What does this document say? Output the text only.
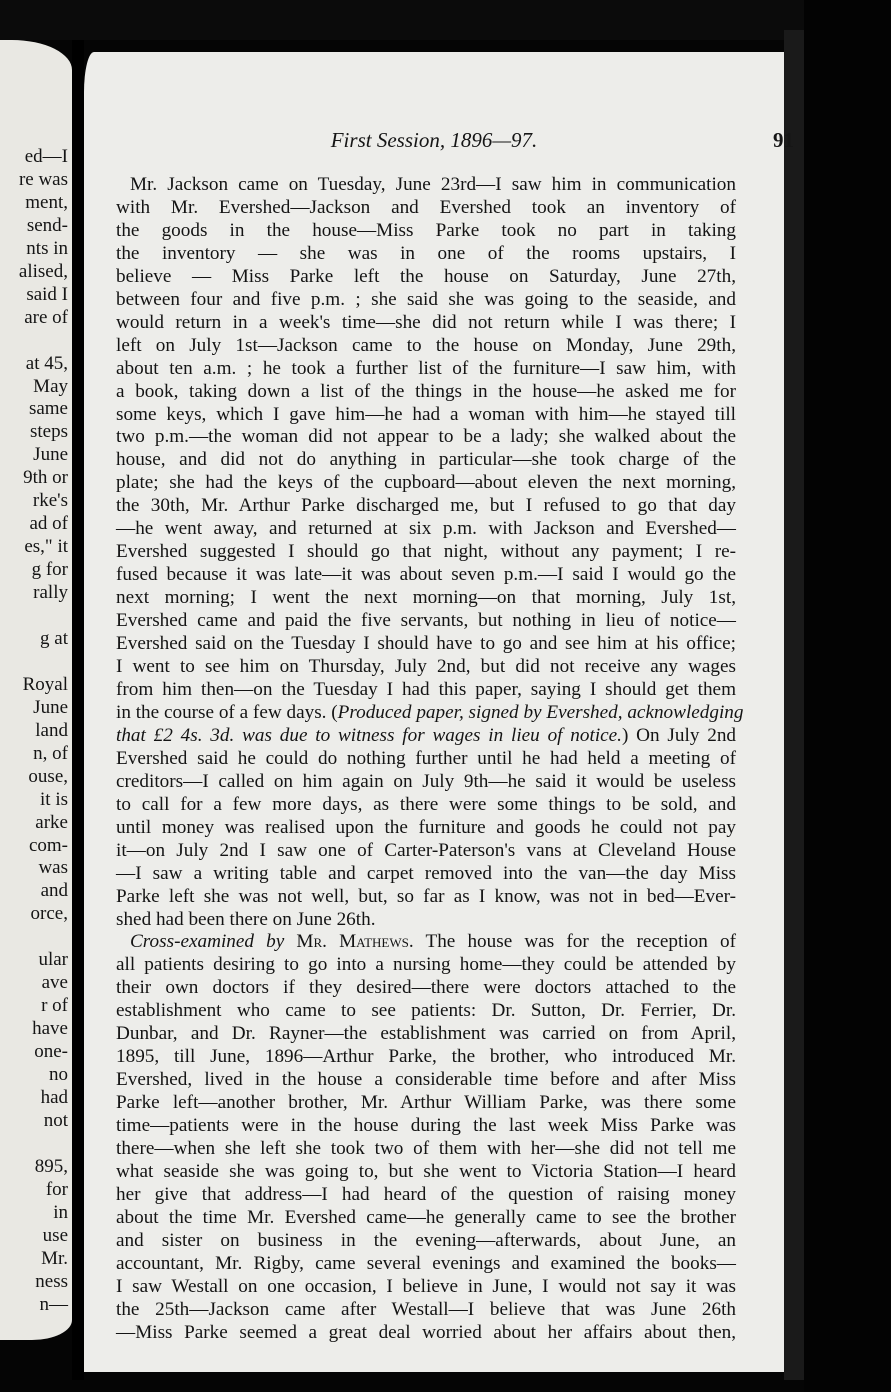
ed—I
re was
ment,
send-
nts in
alised,
said I
are of
at 45,
May
same
steps
June
9th or
rke's
ad of
es," it
g for
rally
g at
Royal
June
land
n, of
ouse,
it is
arke
com-
was
and
orce,
ular
ave
r of
have
one-
no
had
not
895,
for
in
use
Mr.
ness
n—
First Session, 1896—97.	91
Mr. Jackson came on Tuesday, June 23rd—I saw him in communication
with Mr. Evershed—Jackson and Evershed took an inventory of
the goods in the house—Miss Parke took no part in taking
the inventory — she was in one of the rooms upstairs, I
believe — Miss Parke left the house on Saturday, June 27th,
between four and five p.m. ; she said she was going to the seaside, and
would return in a week's time—she did not return while I was there; I
left on July 1st—Jackson came to the house on Monday, June 29th,
about ten a.m. ; he took a further list of the furniture—I saw him, with
a book, taking down a list of the things in the house—he asked me for
some keys, which I gave him—he had a woman with him—he stayed till
two p.m.—the woman did not appear to be a lady; she walked about the
house, and did not do anything in particular—she took charge of the
plate; she had the keys of the cupboard—about eleven the next morning,
the 30th, Mr. Arthur Parke discharged me, but I refused to go that day
—he went away, and returned at six p.m. with Jackson and Evershed—
Evershed suggested I should go that night, without any payment; I re-
fused because it was late—it was about seven p.m.—I said I would go the
next morning; I went the next morning—on that morning, July 1st,
Evershed came and paid the five servants, but nothing in lieu of notice—
Evershed said on the Tuesday I should have to go and see him at his office;
I went to see him on Thursday, July 2nd, but did not receive any wages
from him then—on the Tuesday I had this paper, saying I should get them
in the course of a few days. (Produced paper, signed by Evershed, acknowledging
that £2 4s. 3d. was due to witness for wages in lieu of notice.) On July 2nd
Evershed said he could do nothing further until he had held a meeting of
creditors—I called on him again on July 9th—he said it would be useless
to call for a few more days, as there were some things to be sold, and
until money was realised upon the furniture and goods he could not pay
it—on July 2nd I saw one of Carter-Paterson's vans at Cleveland House
—I saw a writing table and carpet removed into the van—the day Miss
Parke left she was not well, but, so far as I know, was not in bed—Ever-
shed had been there on June 26th.
Cross-examined by Mr. Mathews. The house was for the reception of
all patients desiring to go into a nursing home—they could be attended by
their own doctors if they desired—there were doctors attached to the
establishment who came to see patients: Dr. Sutton, Dr. Ferrier, Dr.
Dunbar, and Dr. Rayner—the establishment was carried on from April,
1895, till June, 1896—Arthur Parke, the brother, who introduced Mr.
Evershed, lived in the house a considerable time before and after Miss
Parke left—another brother, Mr. Arthur William Parke, was there some
time—patients were in the house during the last week Miss Parke was
there—when she left she took two of them with her—she did not tell me
what seaside she was going to, but she went to Victoria Station—I heard
her give that address—I had heard of the question of raising money
about the time Mr. Evershed came—he generally came to see the brother
and sister on business in the evening—afterwards, about June, an
accountant, Mr. Rigby, came several evenings and examined the books—
I saw Westall on one occasion, I believe in June, I would not say it was
the 25th—Jackson came after Westall—I believe that was June 26th
—Miss Parke seemed a great deal worried about her affairs about then,
